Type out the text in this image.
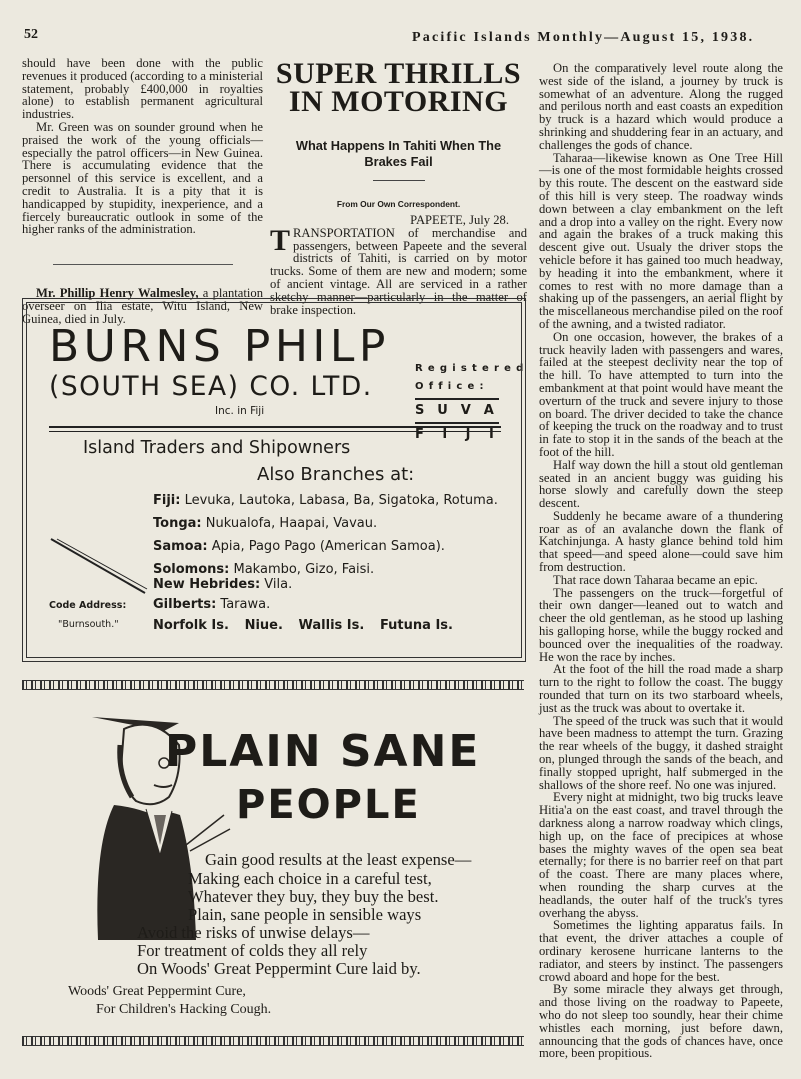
52	Pacific Islands Monthly—August 15, 1938.

should have been done with the public revenues it produced (according to a ministerial statement, probably £400,000 in royalties alone) to establish permanent agricultural industries.

Mr. Green was on sounder ground when he praised the work of the young officials—especially the patrol officers—in New Guinea. There is accumulating evidence that the personnel of this service is excellent, and a credit to Australia. It is a pity that it is handicapped by stupidity, inexperience, and a fiercely bureaucratic outlook in some of the higher ranks of the administration.

Mr. Phillip Henry Walmesley, a plantation overseer on Ilia estate, Witu Island, New Guinea, died in July.

SUPER THRILLS IN MOTORING
What Happens In Tahiti When The Brakes Fail
From Our Own Correspondent.
PAPEETE, July 28.

TRANSPORTATION of merchandise and passengers, between Papeete and the several districts of Tahiti, is carried on by motor trucks. Some of them are new and modern; some of ancient vintage. All are serviced in a rather sketchy manner—particularly in the matter of brake inspection.

BURNS PHILP
(SOUTH SEA) CO. LTD.
Inc. in Fiji
Registered Office:
S U V A
F I J I
Island Traders and Shipowners
Also Branches at:
Fiji: Levuka, Lautoka, Labasa, Ba, Sigatoka, Rotuma.
Tonga: Nukualofa, Haapai, Vavau.
Samoa: Apia, Pago Pago (American Samoa).
Solomons: Makambo, Gizo, Faisi.
New Hebrides: Vila.
Gilberts: Tarawa.
Code Address:
"Burnsouth."	Norfolk Is. Niue. Wallis Is. Futuna Is.
PLAIN SANE
PEOPLE
Gain good results at the least expense—
Making each choice in a careful test,
Whatever they buy, they buy the best.
Plain, sane people in sensible ways
Avoid the risks of unwise delays—
For treatment of colds they all rely
On Woods' Great Peppermint Cure laid by.
Woods' Great Peppermint Cure,
For Children's Hacking Cough.

On the comparatively level route along the west side of the island, a journey by truck is somewhat of an adventure. Along the rugged and perilous north and east coasts an expedition by truck is a hazard which would produce a shrinking and shuddering fear in an actuary, and challenges the gods of chance.

Taharaa—likewise known as One Tree Hill—is one of the most formidable heights crossed by this route. The descent on the eastward side of this hill is very steep. The roadway winds down between a clay embankment on the left and a drop into a valley on the right. Every now and again the brakes of a truck making this descent give out. Usualy the driver stops the vehicle before it has gained too much headway, by heading it into the embankment, where it comes to rest with no more damage than a shaking up of the passengers, an aerial flight by the miscellaneous merchandise piled on the roof of the awning, and a twisted radiator.

On one occasion, however, the brakes of a truck heavily laden with passengers and wares, failed at the steepest declivity near the top of the hill. To have attempted to turn into the embankment at that point would have meant the overturn of the truck and severe injury to those on board. The driver decided to take the chance of keeping the truck on the roadway and to trust in fate to stop it in the sands of the beach at the foot of the hill.

Half way down the hill a stout old gentleman seated in an ancient buggy was guiding his horse slowly and carefully down the steep descent.

Suddenly he became aware of a thundering roar as of an avalanche down the flank of Katchinjunga. A hasty glance behind told him that speed—and speed alone—could save him from destruction.

That race down Taharaa became an epic.

The passengers on the truck—forgetful of their own danger—leaned out to watch and cheer the old gentleman, as he stood up lashing his galloping horse, while the buggy rocked and bounced over the inequalities of the roadway. He won the race by inches.

At the foot of the hill the road made a sharp turn to the right to follow the coast. The buggy rounded that turn on its two starboard wheels, just as the truck was about to overtake it.

The speed of the truck was such that it would have been madness to attempt the turn. Grazing the rear wheels of the buggy, it dashed straight on, plunged through the sands of the beach, and finally stopped upright, half submerged in the shallows of the shore reef. No one was injured.

Every night at midnight, two big trucks leave Hitia'a on the east coast, and travel through the darkness along a narrow roadway which clings, high up, on the face of precipices at whose bases the mighty waves of the open sea beat eternally; for there is no barrier reef on that part of the coast. There are many places where, when rounding the sharp curves at the headlands, the outer half of the truck's tyres overhang the abyss.

Sometimes the lighting apparatus fails. In that event, the driver attaches a couple of ordinary kerosene hurricane lanterns to the radiator, and steers by instinct. The passengers crowd aboard and hope for the best.

By some miracle they always get through, and those living on the roadway to Papeete, who do not sleep too soundly, hear their chime whistles each morning, just before dawn, announcing that the gods of chances have, once more, been propitious.
